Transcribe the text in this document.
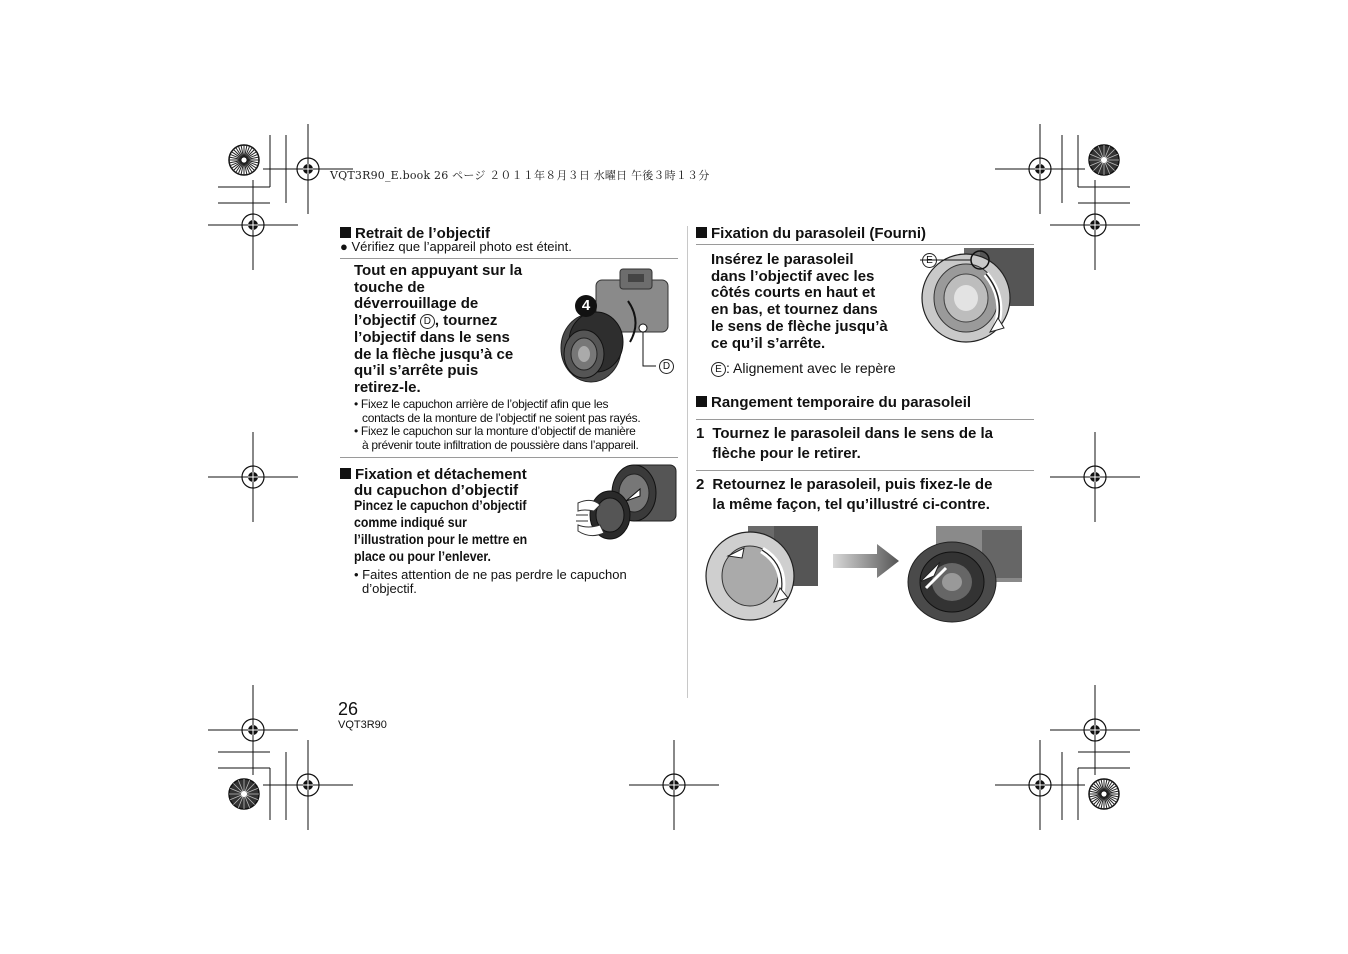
VQT3R90_E.book 26 ページ ２０１１年８月３日 水曜日 午後３時１３分
Retrait de l’objectif
● Vérifiez que l’appareil photo est éteint.
Tout en appuyant sur la
touche de
déverrouillage de
l’objectif D , tournez
l’objectif dans le sens
de la flèche jusqu’à ce
qu’il s’arrête puis
retirez-le.
4
D
• Fixez le capuchon arrière de l’objectif afin que les
contacts de la monture de l’objectif ne soient pas rayés.
• Fixez le capuchon sur la monture d’objectif de manière
à prévenir toute infiltration de poussière dans l’appareil.
Fixation et détachement
du capuchon d’objectif
Pincez le capuchon d’objectif
comme indiqué sur
l’illustration pour le mettre en
place ou pour l’enlever.
• Faites attention de ne pas perdre le capuchon
d’objectif.
Fixation du parasoleil (Fourni)
Insérez le parasoleil
dans l’objectif avec les
côtés courts en haut et
en bas, et tournez dans
le sens de flèche jusqu’à
ce qu’il s’arrête.
E
E : Alignement avec le repère
Rangement temporaire du parasoleil
1 Tournez le parasoleil dans le sens de la
flèche pour le retirer.
2 Retournez le parasoleil, puis fixez-le de
la même façon, tel qu’illustré ci-contre.
26
VQT3R90
